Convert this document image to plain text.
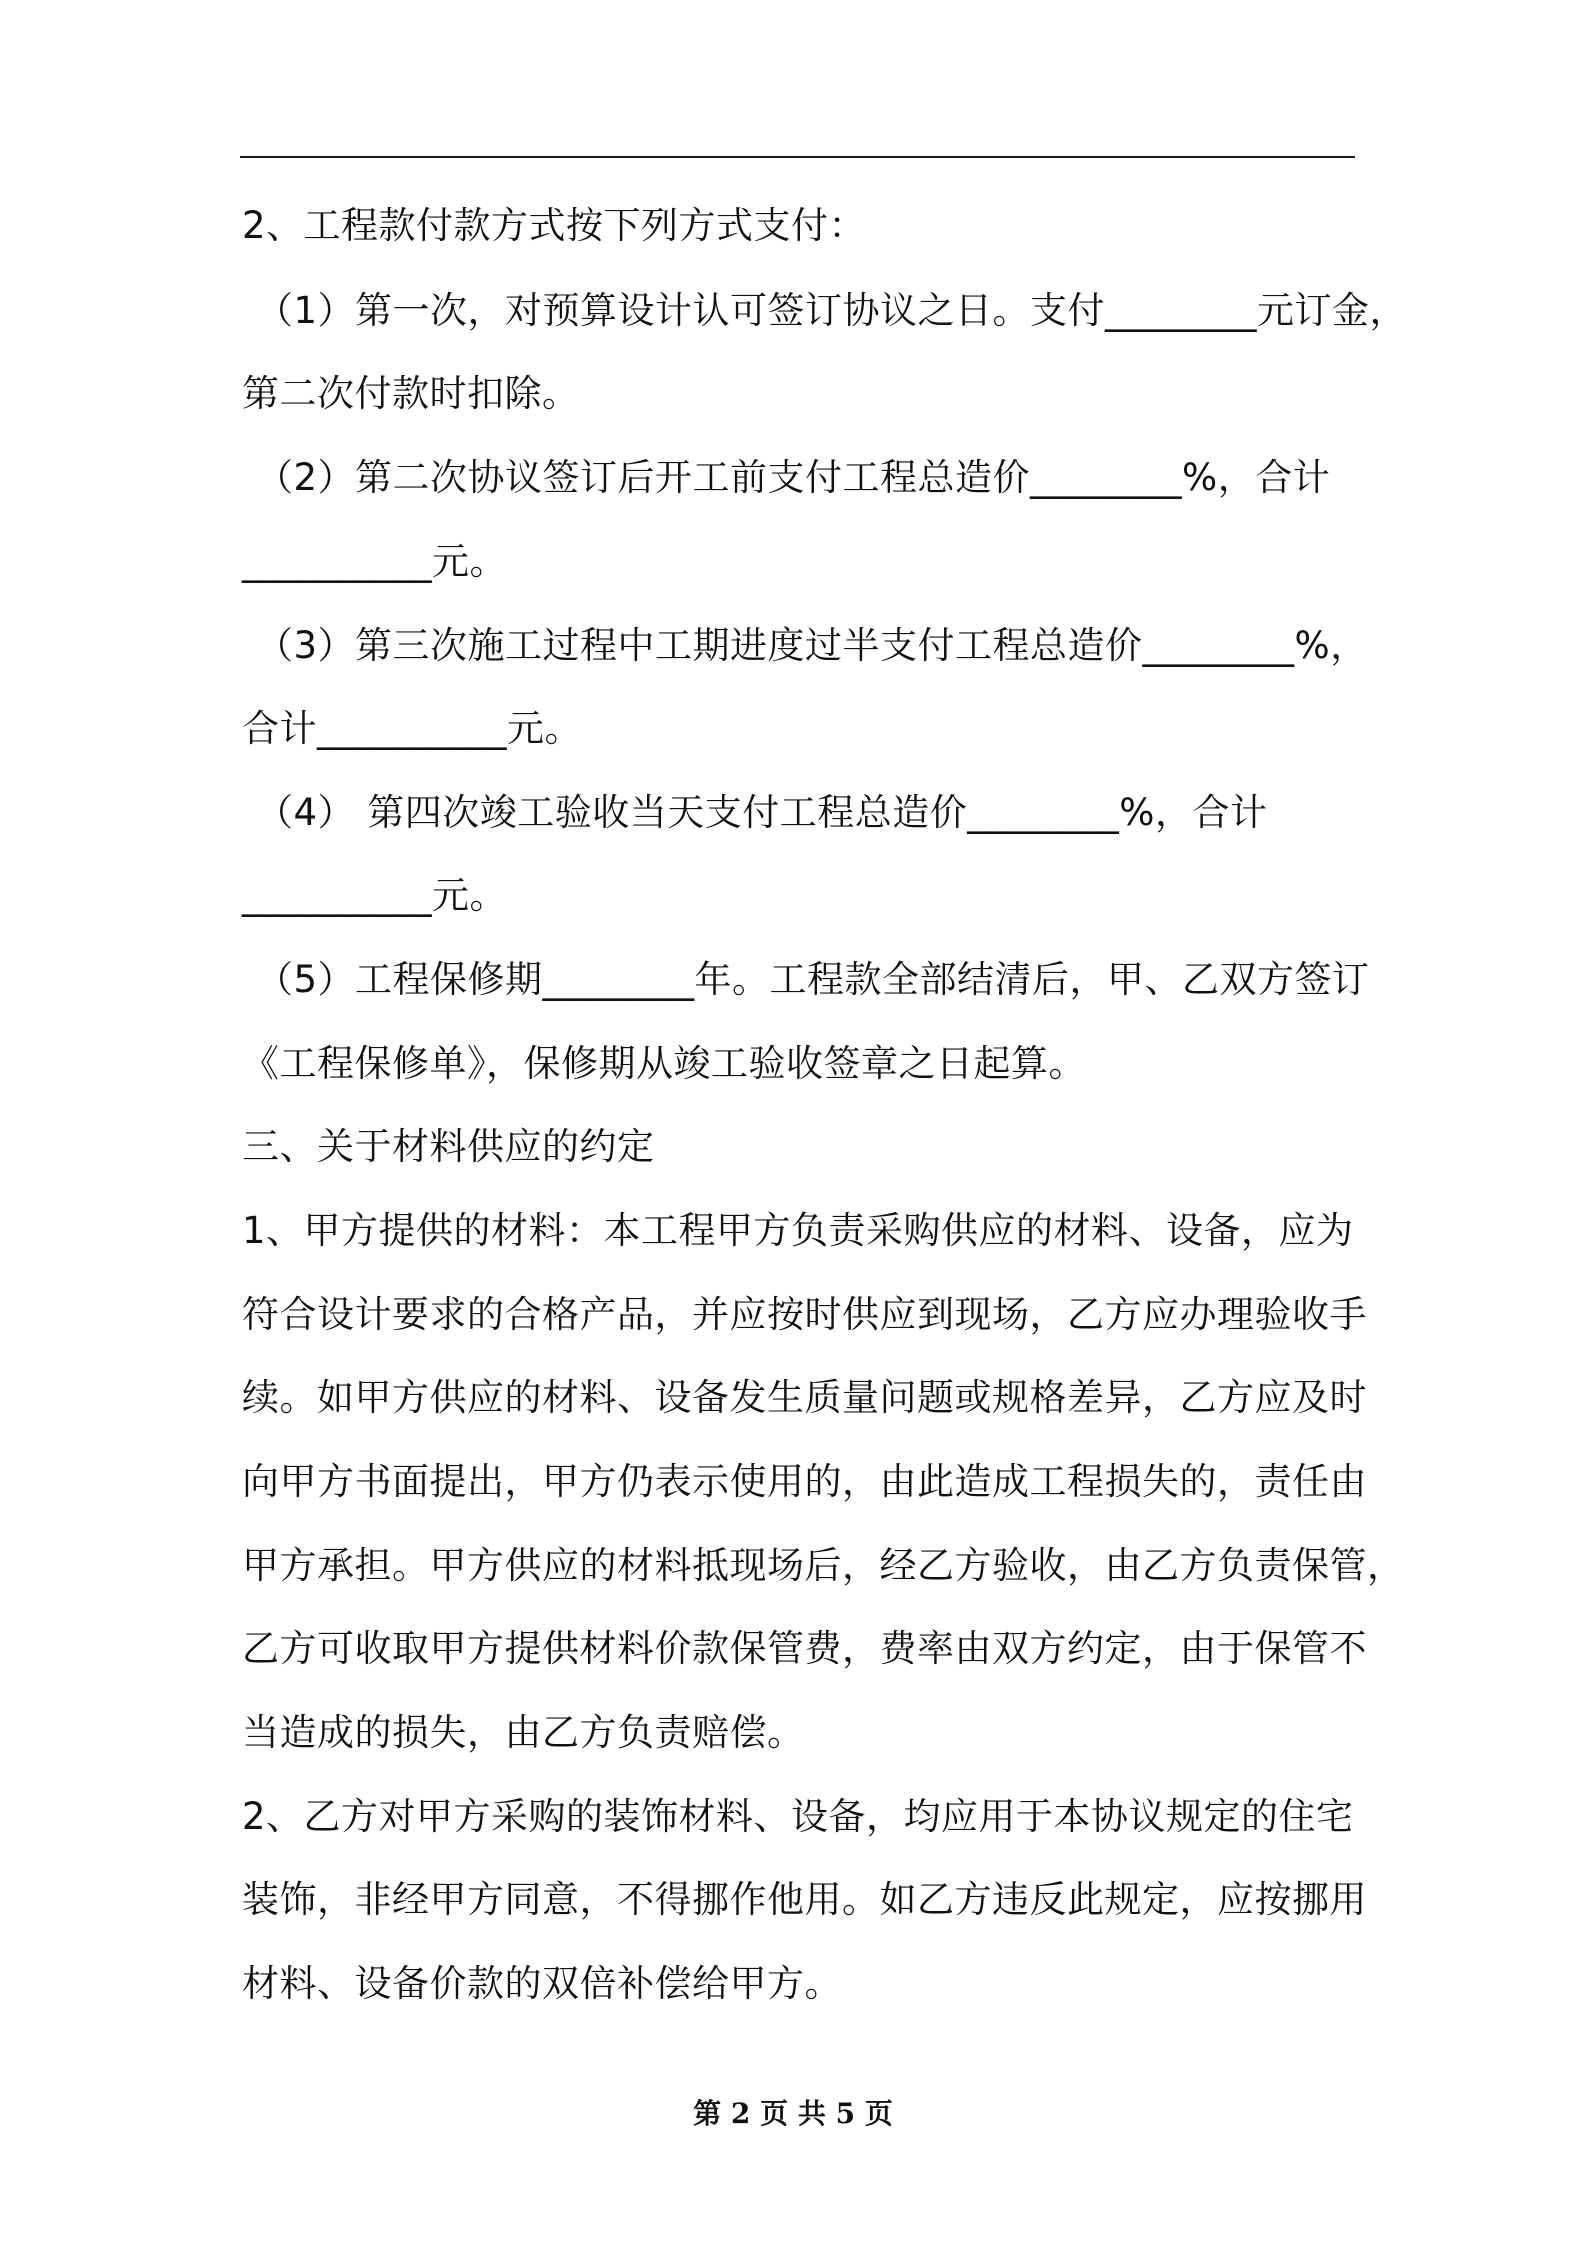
2、工程款付款方式按下列方式支付：
（1）第一次，对预算设计认可签订协议之日。支付________元订金，
第二次付款时扣除。
（2）第二次协议签订后开工前支付工程总造价________%，合计
__________元。
（3）第三次施工过程中工期进度过半支付工程总造价________%，
合计__________元。
（4） 第四次竣工验收当天支付工程总造价________%，合计
__________元。
（5）工程保修期________年。工程款全部结清后，甲、乙双方签订
《工程保修单》，保修期从竣工验收签章之日起算。
三、关于材料供应的约定
1、甲方提供的材料：本工程甲方负责采购供应的材料、设备，应为
符合设计要求的合格产品，并应按时供应到现场，乙方应办理验收手
续。如甲方供应的材料、设备发生质量问题或规格差异，乙方应及时
向甲方书面提出，甲方仍表示使用的，由此造成工程损失的，责任由
甲方承担。甲方供应的材料抵现场后，经乙方验收，由乙方负责保管，
乙方可收取甲方提供材料价款保管费，费率由双方约定，由于保管不
当造成的损失，由乙方负责赔偿。
2、乙方对甲方采购的装饰材料、设备，均应用于本协议规定的住宅
装饰，非经甲方同意，不得挪作他用。如乙方违反此规定，应按挪用
材料、设备价款的双倍补偿给甲方。
第 2 页 共 5 页
